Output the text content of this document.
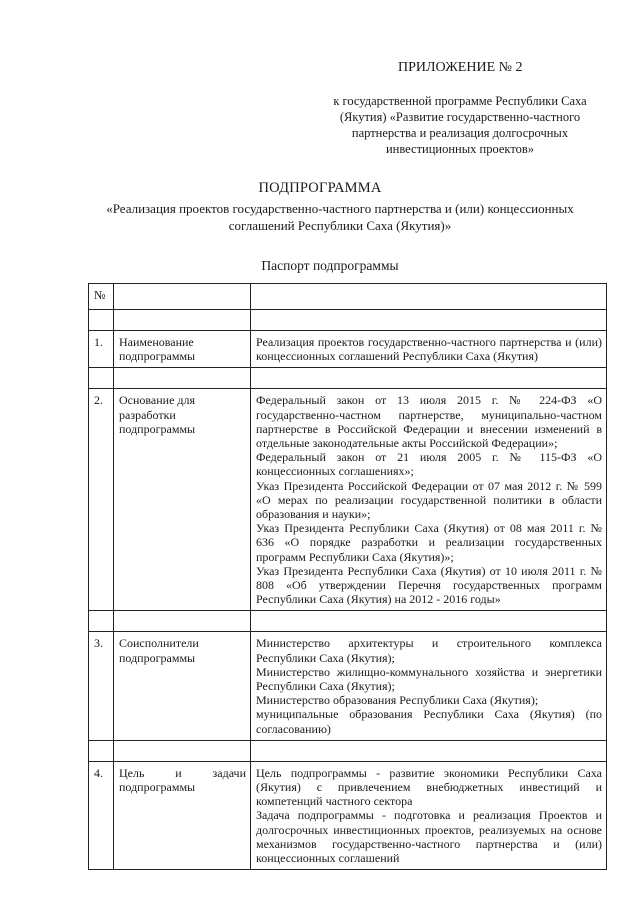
ПРИЛОЖЕНИЕ № 2
к государственной программе Республики Саха (Якутия) «Развитие государственно-частного партнерства и реализация долгосрочных инвестиционных проектов»
ПОДПРОГРАММА
«Реализация проектов государственно-частного партнерства и (или) концессионных соглашений Республики Саха (Якутия)»
Паспорт подпрограммы
№		

1.	Наименование подпрограммы	Реализация проектов государственно-частного партнерства и (или) концессионных соглашений Республики Саха (Якутия)

2.	Основание для разработки подпрограммы	Федеральный закон от 13 июля 2015 г. № 224-ФЗ «О государственно-частном партнерстве, муниципально-частном партнерстве в Российской Федерации и внесении изменений в отдельные законодательные акты Российской Федерации»;

Федеральный закон от 21 июля 2005 г. № 115-ФЗ «О концессионных соглашениях»;

Указ Президента Российской Федерации от 07 мая 2012 г. № 599 «О мерах по реализации государственной политики в области образования и науки»;

Указ Президента Республики Саха (Якутия) от 08 мая 2011 г. № 636 «О порядке разработки и реализации государственных программ Республики Саха (Якутия)»;

Указ Президента Республики Саха (Якутия) от 10 июля 2011 г. № 808 «Об утверждении Перечня государственных программ Республики Саха (Якутия) на 2012 - 2016 годы»

3.	Соисполнители подпрограммы	Министерство архитектуры и строительного комплекса Республики Саха (Якутия);

Министерство жилищно-коммунального хозяйства и энергетики Республики Саха (Якутия);

Министерство образования Республики Саха (Якутия);

муниципальные образования Республики Саха (Якутия) (по согласованию)

4.	Цель и задачи подпрограммы	Цель подпрограммы - развитие экономики Республики Саха (Якутия) с привлечением внебюджетных инвестиций и компетенций частного сектора

Задача подпрограммы - подготовка и реализация Проектов и долгосрочных инвестиционных проектов, реализуемых на основе механизмов государственно-частного партнерства и (или) концессионных соглашений
